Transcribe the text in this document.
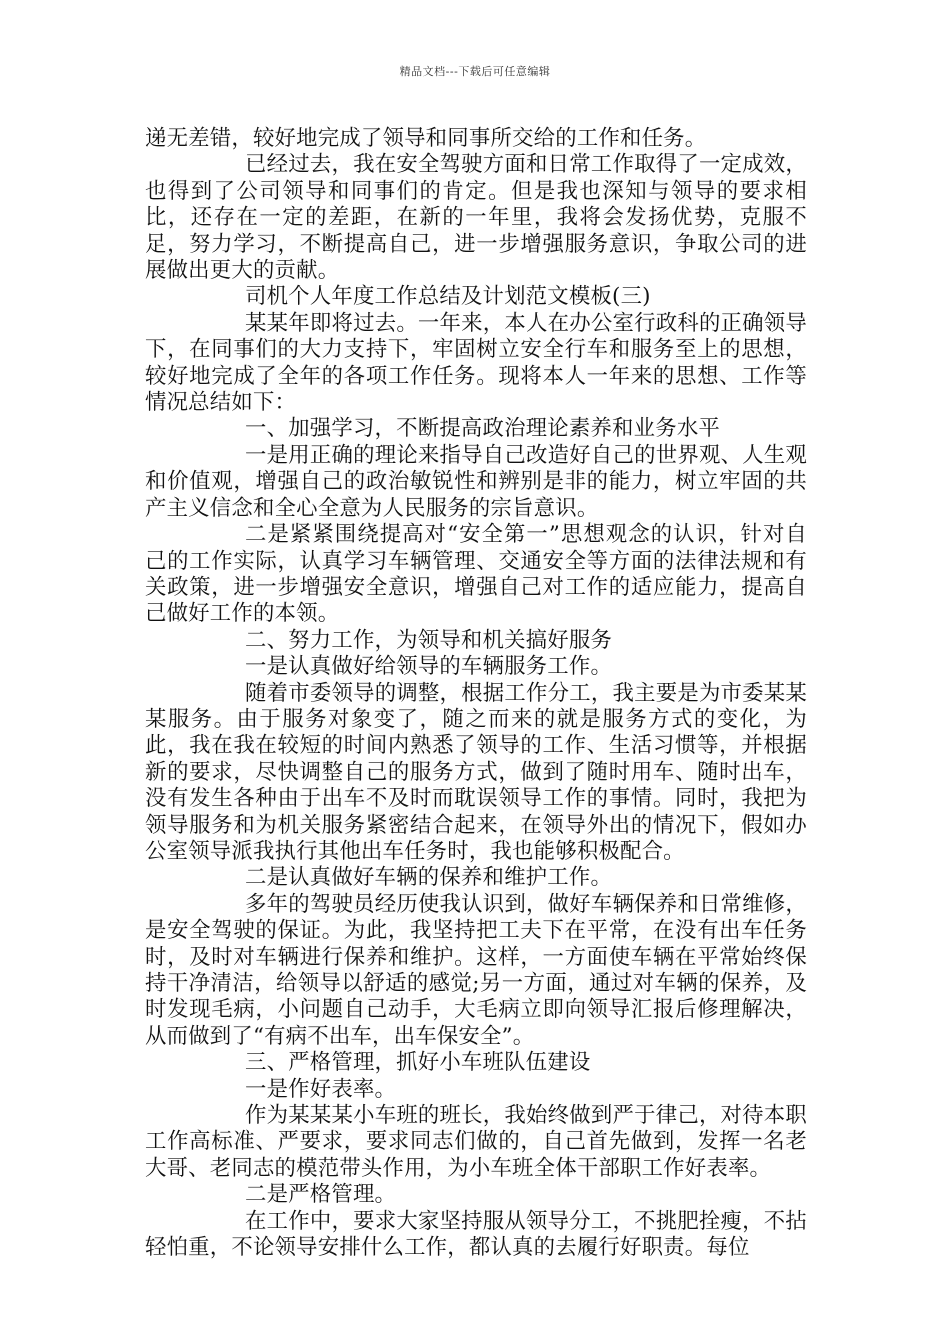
精品文档---下载后可任意编辑

递无差错，较好地完成了领导和同事所交给的工作和任务。

已经过去，我在安全驾驶方面和日常工作取得了一定成效，也得到了公司领导和同事们的肯定。但是我也深知与领导的要求相比，还存在一定的差距，在新的一年里，我将会发扬优势，克服不足，努力学习，不断提高自己，进一步增强服务意识，争取公司的进展做出更大的贡献。

司机个人年度工作总结及计划范文模板(三)

某某年即将过去。一年来，本人在办公室行政科的正确领导下，在同事们的大力支持下，牢固树立安全行车和服务至上的思想，较好地完成了全年的各项工作任务。现将本人一年来的思想、工作等情况总结如下：

一、加强学习，不断提高政治理论素养和业务水平

一是用正确的理论来指导自己改造好自己的世界观、人生观和价值观，增强自己的政治敏锐性和辨别是非的能力，树立牢固的共产主义信念和全心全意为人民服务的宗旨意识。

二是紧紧围绕提高对“安全第一”思想观念的认识，针对自己的工作实际，认真学习车辆管理、交通安全等方面的法律法规和有关政策，进一步增强安全意识，增强自己对工作的适应能力，提高自己做好工作的本领。

二、努力工作，为领导和机关搞好服务

一是认真做好给领导的车辆服务工作。

随着市委领导的调整，根据工作分工，我主要是为市委某某某服务。由于服务对象变了，随之而来的就是服务方式的变化，为此，我在我在较短的时间内熟悉了领导的工作、生活习惯等，并根据新的要求，尽快调整自己的服务方式，做到了随时用车、随时出车，没有发生各种由于出车不及时而耽误领导工作的事情。同时，我把为领导服务和为机关服务紧密结合起来，在领导外出的情况下，假如办公室领导派我执行其他出车任务时，我也能够积极配合。

二是认真做好车辆的保养和维护工作。

多年的驾驶员经历使我认识到，做好车辆保养和日常维修，是安全驾驶的保证。为此，我坚持把工夫下在平常，在没有出车任务时，及时对车辆进行保养和维护。这样，一方面使车辆在平常始终保持干净清洁，给领导以舒适的感觉;另一方面，通过对车辆的保养，及时发现毛病，小问题自己动手，大毛病立即向领导汇报后修理解决，从而做到了“有病不出车，出车保安全”。

三、严格管理，抓好小车班队伍建设

一是作好表率。

作为某某某小车班的班长，我始终做到严于律己，对待本职工作高标准、严要求，要求同志们做的，自己首先做到，发挥一名老大哥、老同志的模范带头作用，为小车班全体干部职工作好表率。

二是严格管理。

在工作中，要求大家坚持服从领导分工，不挑肥拴瘦，不拈轻怕重，不论领导安排什么工作，都认真的去履行好职责。每位
